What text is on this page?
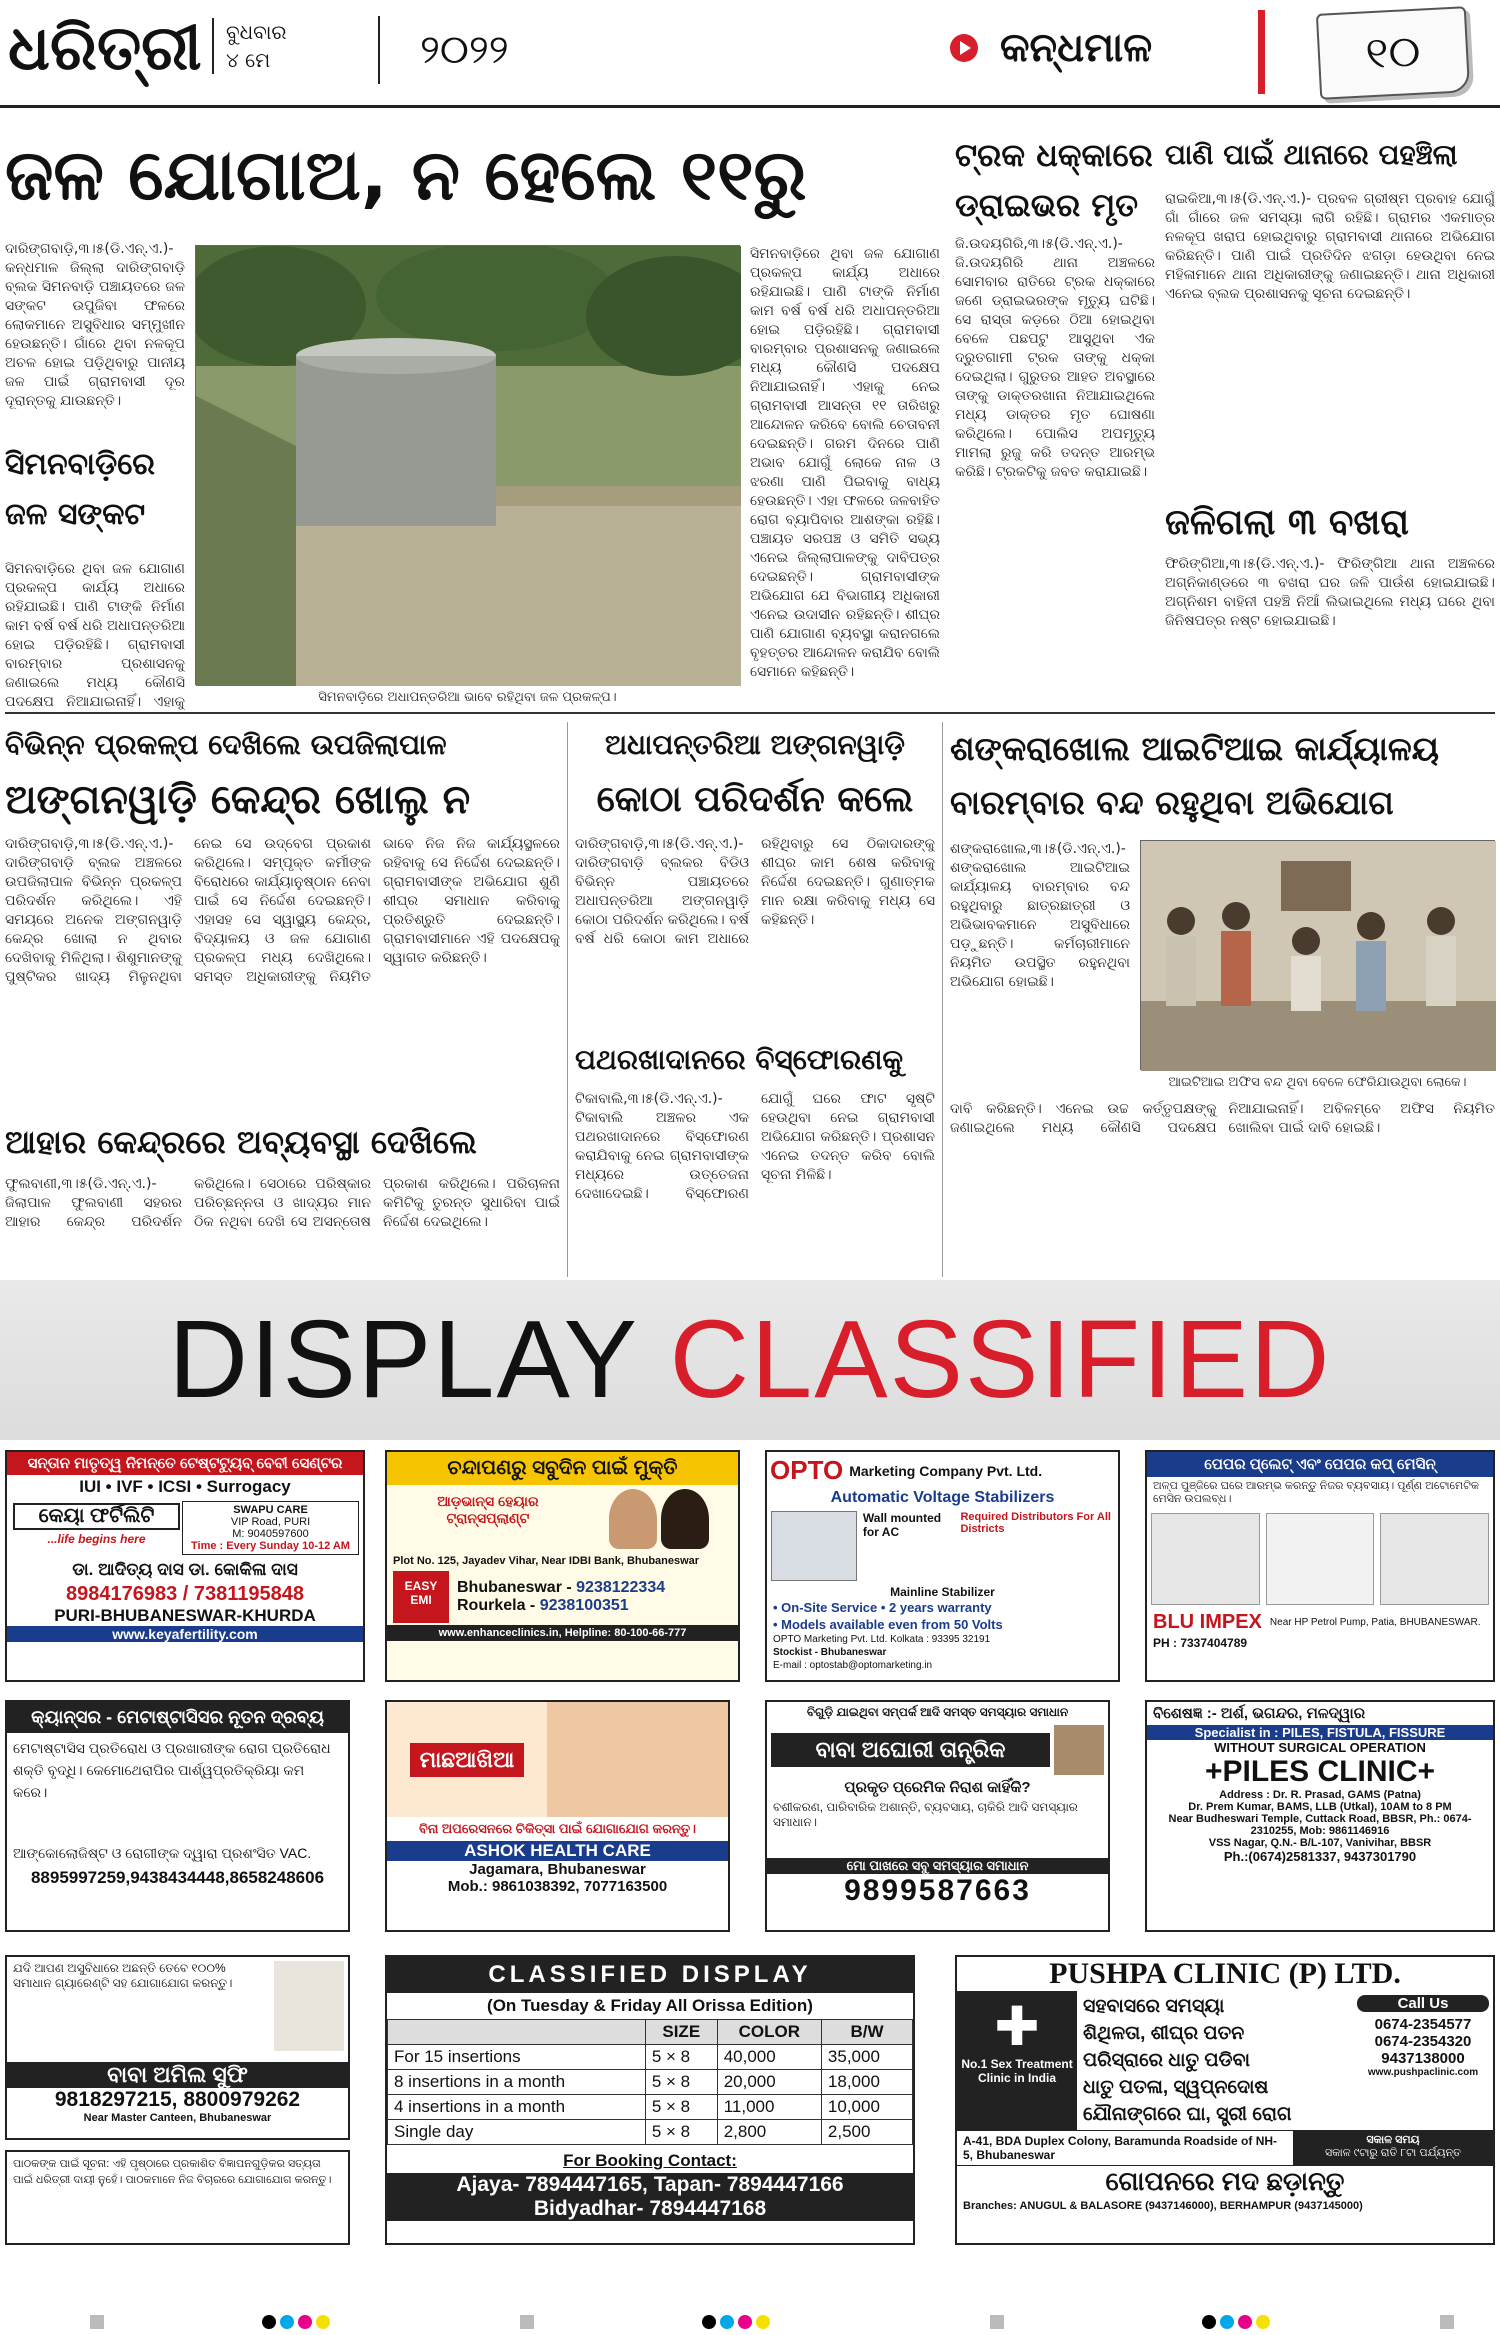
ଧରିତ୍ରୀ ବୁଧବାର
୪ ମେ	୨୦୨୨	କନ୍ଧମାଳ	୧୦
ଜଳ ଯୋଗାଅ, ନ ହେଲେ ୧୧ରୁ
ଦାରିଙ୍ଗବାଡ଼ି,୩।୫(ଡି.ଏନ୍.ଏ.)- କନ୍ଧମାଳ ଜିଲ୍ଲା ଦାରିଙ୍ଗବାଡ଼ି ବ୍ଲକ ସିମନବାଡ଼ି ପଞ୍ଚାୟତରେ ଜଳ ସଙ୍କଟ ଉପୁଜିବା ଫଳରେ ଲୋକମାନେ ଅସୁବିଧାର ସମ୍ମୁଖୀନ ହେଉଛନ୍ତି। ଗାଁରେ ଥିବା ନଳକୂପ ଅଚଳ ହୋଇ ପଡ଼ିଥିବାରୁ ପାନୀୟ ଜଳ ପାଇଁ ଗ୍ରାମବାସୀ ଦୂର ଦୂରାନ୍ତକୁ ଯାଉଛନ୍ତି।
ସିମନବାଡ଼ିରେ ଜଳ ସଙ୍କଟ
ସିମନବାଡ଼ିରେ ଥିବା ଜଳ ଯୋଗାଣ ପ୍ରକଳ୍ପ କାର୍ଯ୍ୟ ଅଧାରେ ରହିଯାଇଛି। ପାଣି ଟାଙ୍କି ନିର୍ମାଣ କାମ ବର୍ଷ ବର୍ଷ ଧରି ଅଧାପନ୍ତରିଆ ହୋଇ ପଡ଼ିରହିଛି। ଗ୍ରାମବାସୀ ବାରମ୍ବାର ପ୍ରଶାସନକୁ ଜଣାଇଲେ ମଧ୍ୟ କୌଣସି ପଦକ୍ଷେପ ନିଆଯାଇନାହିଁ। ଏହାକୁ	ସିମନବାଡ଼ିରେ ଅଧାପନ୍ତରିଆ ଭାବେ ରହିଥିବା ଜଳ ପ୍ରକଳ୍ପ।
ସିମନବାଡ଼ିରେ ଥିବା ଜଳ ଯୋଗାଣ ପ୍ରକଳ୍ପ କାର୍ଯ୍ୟ ଅଧାରେ ରହିଯାଇଛି। ପାଣି ଟାଙ୍କି ନିର୍ମାଣ କାମ ବର୍ଷ ବର୍ଷ ଧରି ଅଧାପନ୍ତରିଆ ହୋଇ ପଡ଼ିରହିଛି। ଗ୍ରାମବାସୀ ବାରମ୍ବାର ପ୍ରଶାସନକୁ ଜଣାଇଲେ ମଧ୍ୟ କୌଣସି ପଦକ୍ଷେପ ନିଆଯାଇନାହିଁ। ଏହାକୁ ନେଇ ଗ୍ରାମବାସୀ ଆସନ୍ତା ୧୧ ତାରିଖରୁ ଆନ୍ଦୋଳନ କରିବେ ବୋଲି ଚେତାବନୀ ଦେଇଛନ୍ତି। ଗରମ ଦିନରେ ପାଣି ଅଭାବ ଯୋଗୁଁ ଲୋକେ ନାଳ ଓ ଝରଣା ପାଣି ପିଇବାକୁ ବାଧ୍ୟ ହେଉଛନ୍ତି। ଏହା ଫଳରେ ଜଳବାହିତ ରୋଗ ବ୍ୟାପିବାର ଆଶଙ୍କା ରହିଛି। ପଞ୍ଚାୟତ ସରପଞ୍ଚ ଓ ସମିତି ସଭ୍ୟ ଏନେଇ ଜିଲ୍ଲାପାଳଙ୍କୁ ଦାବିପତ୍ର ଦେଇଛନ୍ତି। ଗ୍ରାମବାସୀଙ୍କ ଅଭିଯୋଗ ଯେ ବିଭାଗୀୟ ଅଧିକାରୀ ଏନେଇ ଉଦାସୀନ ରହିଛନ୍ତି। ଶୀଘ୍ର ପାଣି ଯୋଗାଣ ବ୍ୟବସ୍ଥା କରାନଗଲେ ବୃହତ୍ତର ଆନ୍ଦୋଳନ କରାଯିବ ବୋଲି ସେମାନେ କହିଛନ୍ତି।
ଟ୍ରକ ଧକ୍କାରେ ଡ୍ରାଇଭର ମୃତ
ଜି.ଉଦୟଗିରି,୩।୫(ଡି.ଏନ୍.ଏ.)- ଜି.ଉଦୟଗିରି ଥାନା ଅଞ୍ଚଳରେ ସୋମବାର ରାତିରେ ଟ୍ରକ ଧକ୍କାରେ ଜଣେ ଡ୍ରାଇଭରଙ୍କ ମୃତ୍ୟୁ ଘଟିଛି। ସେ ରାସ୍ତା କଡ଼ରେ ଠିଆ ହୋଇଥିବା ବେଳେ ପଛପଟୁ ଆସୁଥିବା ଏକ ଦ୍ରୁତଗାମୀ ଟ୍ରକ ତାଙ୍କୁ ଧକ୍କା ଦେଇଥିଲା। ଗୁରୁତର ଆହତ ଅବସ୍ଥାରେ ତାଙ୍କୁ ଡାକ୍ତରଖାନା ନିଆଯାଇଥିଲେ ମଧ୍ୟ ଡାକ୍ତର ମୃତ ଘୋଷଣା କରିଥିଲେ। ପୋଲିସ ଅପମୃତ୍ୟୁ ମାମଲା ରୁଜୁ କରି ତଦନ୍ତ ଆରମ୍ଭ କରିଛି। ଟ୍ରକଟିକୁ ଜବତ କରାଯାଇଛି।
ପାଣି ପାଇଁ ଥାନାରେ ପହଞ୍ଚିଲା
ରାଇକିଆ,୩।୫(ଡି.ଏନ୍.ଏ.)- ପ୍ରବଳ ଗ୍ରୀଷ୍ମ ପ୍ରବାହ ଯୋଗୁଁ ଗାଁ ଗାଁରେ ଜଳ ସମସ୍ୟା ଲାଗି ରହିଛି। ଗ୍ରାମର ଏକମାତ୍ର ନଳକୂପ ଖରାପ ହୋଇଥିବାରୁ ଗ୍ରାମବାସୀ ଥାନାରେ ଅଭିଯୋଗ କରିଛନ୍ତି। ପାଣି ପାଇଁ ପ୍ରତିଦିନ ଝଗଡ଼ା ହେଉଥିବା ନେଇ ମହିଳାମାନେ ଥାନା ଅଧିକାରୀଙ୍କୁ ଜଣାଇଛନ୍ତି। ଥାନା ଅଧିକାରୀ ଏନେଇ ବ୍ଲକ ପ୍ରଶାସନକୁ ସୂଚନା ଦେଇଛନ୍ତି।
ଜଳିଗଲା ୩ ବଖରା
ଫିରିଙ୍ଗିଆ,୩।୫(ଡି.ଏନ୍.ଏ.)- ଫିରିଙ୍ଗିଆ ଥାନା ଅଞ୍ଚଳରେ ଅଗ୍ନିକାଣ୍ଡରେ ୩ ବଖରା ଘର ଜଳି ପାଉଁଶ ହୋଇଯାଇଛି। ଅଗ୍ନିଶମ ବାହିନୀ ପହଞ୍ଚି ନିଆଁ ଲିଭାଇଥିଲେ ମଧ୍ୟ ଘରେ ଥିବା ଜିନିଷପତ୍ର ନଷ୍ଟ ହୋଇଯାଇଛି।
ବିଭିନ୍ନ ପ୍ରକଳ୍ପ ଦେଖିଲେ ଉପଜିଲାପାଳ
ଅଙ୍ଗନୱାଡ଼ି କେନ୍ଦ୍ର ଖୋଲୁ ନ
ଦାରିଙ୍ଗବାଡ଼ି,୩।୫(ଡି.ଏନ୍.ଏ.)- ଦାରିଙ୍ଗବାଡ଼ି ବ୍ଲକ ଅଞ୍ଚଳରେ ଉପଜିଲାପାଳ ବିଭିନ୍ନ ପ୍ରକଳ୍ପ ପରିଦର୍ଶନ କରିଥିଲେ। ଏହି ସମୟରେ ଅନେକ ଅଙ୍ଗନୱାଡ଼ି କେନ୍ଦ୍ର ଖୋଲା ନ ଥିବାର ଦେଖିବାକୁ ମିଳିଥିଲା। ଶିଶୁମାନଙ୍କୁ ପୁଷ୍ଟିକର ଖାଦ୍ୟ ମିଳୁନଥିବା ନେଇ ସେ ଉଦ୍‌ବେଗ ପ୍ରକାଶ କରିଥିଲେ। ସମ୍ପୃକ୍ତ କର୍ମୀଙ୍କ ବିରୋଧରେ କାର୍ଯ୍ୟାନୁଷ୍ଠାନ ନେବା ପାଇଁ ସେ ନିର୍ଦ୍ଦେଶ ଦେଇଛନ୍ତି। ଏହାସହ ସେ ସ୍ୱାସ୍ଥ୍ୟ କେନ୍ଦ୍ର, ବିଦ୍ୟାଳୟ ଓ ଜଳ ଯୋଗାଣ ପ୍ରକଳ୍ପ ମଧ୍ୟ ଦେଖିଥିଲେ। ସମସ୍ତ ଅଧିକାରୀଙ୍କୁ ନିୟମିତ ଭାବେ ନିଜ ନିଜ କାର୍ଯ୍ୟସ୍ଥଳରେ ରହିବାକୁ ସେ ନିର୍ଦ୍ଦେଶ ଦେଇଛନ୍ତି। ଗ୍ରାମବାସୀଙ୍କ ଅଭିଯୋଗ ଶୁଣି ଶୀଘ୍ର ସମାଧାନ କରିବାକୁ ପ୍ରତିଶ୍ରୁତି ଦେଇଛନ୍ତି। ଗ୍ରାମବାସୀମାନେ ଏହି ପଦକ୍ଷେପକୁ ସ୍ୱାଗତ କରିଛନ୍ତି।
ଆହାର କେନ୍ଦ୍ରରେ ଅବ୍ୟବସ୍ଥା ଦେଖିଲେ
ଫୁଲବାଣୀ,୩।୫(ଡି.ଏନ୍.ଏ.)- ଜିଲାପାଳ ଫୁଲବାଣୀ ସହରର ଆହାର କେନ୍ଦ୍ର ପରିଦର୍ଶନ କରିଥିଲେ। ସେଠାରେ ପରିଷ୍କାର ପରିଚ୍ଛନ୍ନତା ଓ ଖାଦ୍ୟର ମାନ ଠିକ ନଥିବା ଦେଖି ସେ ଅସନ୍ତୋଷ ପ୍ରକାଶ କରିଥିଲେ। ପରିଚାଳନା କମିଟିକୁ ତୁରନ୍ତ ସୁଧାରିବା ପାଇଁ ନିର୍ଦ୍ଦେଶ ଦେଇଥିଲେ।
ଅଧାପନ୍ତରିଆ ଅଙ୍ଗନୱାଡ଼ି
କୋଠା ପରିଦର୍ଶନ କଲେ
ଦାରିଙ୍ଗବାଡ଼ି,୩।୫(ଡି.ଏନ୍.ଏ.)- ଦାରିଙ୍ଗବାଡ଼ି ବ୍ଲକର ବିଡିଓ ବିଭିନ୍ନ ପଞ୍ଚାୟତରେ ଅଧାପନ୍ତରିଆ ଅଙ୍ଗନୱାଡ଼ି କୋଠା ପରିଦର୍ଶନ କରିଥିଲେ। ବର୍ଷ ବର୍ଷ ଧରି କୋଠା କାମ ଅଧାରେ ରହିଥିବାରୁ ସେ ଠିକାଦାରଙ୍କୁ ଶୀଘ୍ର କାମ ଶେଷ କରିବାକୁ ନିର୍ଦ୍ଦେଶ ଦେଇଛନ୍ତି। ଗୁଣାତ୍ମକ ମାନ ରକ୍ଷା କରିବାକୁ ମଧ୍ୟ ସେ କହିଛନ୍ତି।
ପଥରଖାଦାନରେ ବିସ୍ଫୋରଣକୁ
ଟିକାବାଲି,୩।୫(ଡି.ଏନ୍.ଏ.)- ଟିକାବାଲି ଅଞ୍ଚଳର ଏକ ପଥରଖାଦାନରେ ବିସ୍ଫୋରଣ କରାଯିବାକୁ ନେଇ ଗ୍ରାମବାସୀଙ୍କ ମଧ୍ୟରେ ଉତ୍ତେଜନା ଦେଖାଦେଇଛି। ବିସ୍ଫୋରଣ ଯୋଗୁଁ ଘରେ ଫାଟ ସୃଷ୍ଟି ହେଉଥିବା ନେଇ ଗ୍ରାମବାସୀ ଅଭିଯୋଗ କରିଛନ୍ତି। ପ୍ରଶାସନ ଏନେଇ ତଦନ୍ତ କରିବ ବୋଲି ସୂଚନା ମିଳିଛି।
ଶଙ୍କରାଖୋଲ ଆଇଟିଆଇ କାର୍ଯ୍ୟାଳୟ ବାରମ୍ବାର ବନ୍ଦ ରହୁଥିବା ଅଭିଯୋଗ
ଶଙ୍କରାଖୋଲ,୩।୫(ଡି.ଏନ୍.ଏ.)- ଶଙ୍କରାଖୋଲ ଆଇଟିଆଇ କାର୍ଯ୍ୟାଳୟ ବାରମ୍ବାର ବନ୍ଦ ରହୁଥିବାରୁ ଛାତ୍ରଛାତ୍ରୀ ଓ ଅଭିଭାବକମାନେ ଅସୁବିଧାରେ ପଡ଼ୁଛନ୍ତି। କର୍ମଚାରୀମାନେ ନିୟମିତ ଉପସ୍ଥିତ ରହୁନଥିବା ଅଭିଯୋଗ ହୋଇଛି।
ଆଇଟିଆଇ ଅଫିସ ବନ୍ଦ ଥିବା ବେଳେ ଫେରିଯାଉଥିବା ଲୋକେ।
ଦାବି କରିଛନ୍ତି। ଏନେଇ ଉଚ୍ଚ କର୍ତ୍ତୃପକ୍ଷଙ୍କୁ ଜଣାଇଥିଲେ ମଧ୍ୟ କୌଣସି ପଦକ୍ଷେପ ନିଆଯାଇନାହିଁ। ଅବିଳମ୍ବେ ଅଫିସ ନିୟମିତ ଖୋଲିବା ପାଇଁ ଦାବି ହୋଇଛି।
DISPLAY CLASSIFIED
ସନ୍ତାନ ମାତୃତ୍ୱ ନିମନ୍ତେ ଟେଷ୍ଟଟ୍ୟୁବ୍ ବେବୀ ସେଣ୍ଟର
IUI • IVF • ICSI • Surrogacy
କେୟା ଫର୍ଟିଲିଟି
...life begins here
SWAPU CARE
VIP Road, PURI
M: 9040597600
Time : Every Sunday 10-12 AM
ଡା. ଆଦିତ୍ୟ ଦାସ ଡା. କୋକିଳା ଦାସ
8984176983 / 7381195848
PURI-BHUBANESWAR-KHURDA
www.keyafertility.com
ଚନ୍ଦାପଣରୁ ସବୁଦିନ ପାଇଁ ମୁକ୍ତି
ଆଡ଼ଭାନ୍ସ ହେୟାର ଟ୍ରାନ୍ସପ୍ଲାଣ୍ଟ
Plot No. 125, Jayadev Vihar, Near IDBI Bank, Bhubaneswar
EASY EMI
Bhubaneswar - 9238122334
Rourkela - 9238100351
www.enhanceclinics.in, Helpline: 80-100-66-777
OPTO Marketing Company Pvt. Ltd.
Automatic Voltage Stabilizers
Wall mounted for AC
Required Distributors For All Districts
Mainline Stabilizer
• On-Site Service • 2 years warranty
• Models available even from 50 Volts
OPTO Marketing Pvt. Ltd. Kolkata : 93395 32191
Stockist - Bhubaneswar
E-mail : optostab@optomarketing.in
ପେପର ପ୍ଲେଟ୍ ଏବଂ ପେପର କପ୍ ମେସିନ୍
ଅଳ୍ପ ପୁଞ୍ଜିରେ ଘରେ ଆରମ୍ଭ କରନ୍ତୁ ନିଜର ବ୍ୟବସାୟ। ପୂର୍ଣ୍ଣ ଅଟୋମେଟିକ ମେସିନ ଉପଲବ୍ଧ।
BLU IMPEX Near HP Petrol Pump, Patia, BHUBANESWAR.
PH : 7337404789
କ୍ୟାନ୍ସର - ମେଟାଷ୍ଟାସିସର ନୂତନ ଦ୍ରବ୍ୟ
ମେଟାଷ୍ଟାସିସ ପ୍ରତିରୋଧ ଓ ପ୍ରଖାରୀଙ୍କ ରୋଗ ପ୍ରତିରୋଧ ଶକ୍ତି ବୃଦ୍ଧି। କେମୋଥେରାପିର ପାର୍ଶ୍ୱପ୍ରତିକ୍ରିୟା କମ କରେ।
ଆଙ୍କୋଲୋଜିଷ୍ଟ ଓ ରୋଗୀଙ୍କ ଦ୍ୱାରା ପ୍ରଶଂସିତ VAC.
8895997259,9438434448,8658248606
ମାଛଆଖିଆ
ବିନା ଅପରେସନରେ ଚିକିତ୍ସା ପାଇଁ ଯୋଗାଯୋଗ କରନ୍ତୁ।
ASHOK HEALTH CARE
Jagamara, Bhubaneswar
Mob.: 9861038392, 7077163500
ବିଗୁଡ଼ି ଯାଇଥିବା ସମ୍ପର୍କ ଆଦି ସମସ୍ତ ସମସ୍ୟାର ସମାଧାନ
ବାବା ଅଘୋରୀ ତାନ୍ତ୍ରିକ
ପ୍ରକୃତ ପ୍ରେମିକ ନିରାଶ କାହିଁକି?
ବଶୀକରଣ, ପାରିବାରିକ ଅଶାନ୍ତି, ବ୍ୟବସାୟ, ଚାକିରି ଆଦି ସମସ୍ୟାର ସମାଧାନ।
ମୋ ପାଖରେ ସବୁ ସମସ୍ୟାର ସମାଧାନ
9899587663
ବିଶେଷଜ୍ଞ :- ଅର୍ଶ, ଭଗନ୍ଦର, ମଳଦ୍ୱାର
Specialist in : PILES, FISTULA, FISSURE
WITHOUT SURGICAL OPERATION
+PILES CLINIC+
Address : Dr. R. Prasad, GAMS (Patna)
Dr. Prem Kumar, BAMS, LLB (Utkal), 10AM to 8 PM
Near Budheswari Temple, Cuttack Road, BBSR, Ph.: 0674-2310255, Mob: 9861146916
VSS Nagar, Q.N.- B/L-107, Vanivihar, BBSR
Ph.:(0674)2581337, 9437301790
ଯଦି ଆପଣ ଅସୁବିଧାରେ ଅଛନ୍ତି ତେବେ ୧୦୦% ସମାଧାନ ଗ୍ୟାରେଣ୍ଟି ସହ ଯୋଗାଯୋଗ କରନ୍ତୁ।
ବାବା ଅମିଲ ସୁଫି
9818297215, 8800979262
Near Master Canteen, Bhubaneswar
ପାଠକଙ୍କ ପାଇଁ ସୂଚନା: ଏହି ପୃଷ୍ଠାରେ ପ୍ରକାଶିତ ବିଜ୍ଞାପନଗୁଡ଼ିକର ସତ୍ୟତା ପାଇଁ ଧରିତ୍ରୀ ଦାୟୀ ନୁହେଁ। ପାଠକମାନେ ନିଜ ବିଚାରରେ ଯୋଗାଯୋଗ କରନ୍ତୁ।
CLASSIFIED DISPLAY
(On Tuesday & Friday All Orissa Edition)
	SIZE	COLOR	B/W
For 15 insertions	5 × 8	40,000	35,000
8 insertions in a month	5 × 8	20,000	18,000
4 insertions in a month	5 × 8	11,000	10,000
Single day	5 × 8	2,800	2,500
For Booking Contact:
Ajaya- 7894447165, Tapan- 7894447166
Bidyadhar- 7894447168
PUSHPA CLINIC (P) LTD.
✚
No.1 Sex Treatment Clinic in India
ସହବାସରେ ସମସ୍ୟା
ଶିଥିଳତା, ଶୀଘ୍ର ପତନ
ପରିସ୍ରାରେ ଧାତୁ ପଡିବା
ଧାତୁ ପତଳା, ସ୍ୱପ୍ନଦୋଷ
ଯୌନାଙ୍ଗରେ ଘା, ସ୍ତ୍ରୀ ରୋଗ
Call Us
0674-2354577
0674-2354320
9437138000
www.pushpaclinic.com
A-41, BDA Duplex Colony, Baramunda Roadside of NH-5, Bhubaneswar
ସକାଳ ସମୟ
ସକାଳ ୯ଟାରୁ ରାତି ୮ଟା ପର୍ଯ୍ୟନ୍ତ
ଗୋପନରେ ମଦ ଛଡ଼ାନ୍ତୁ
Branches: ANUGUL & BALASORE (9437146000), BERHAMPUR (9437145000)
